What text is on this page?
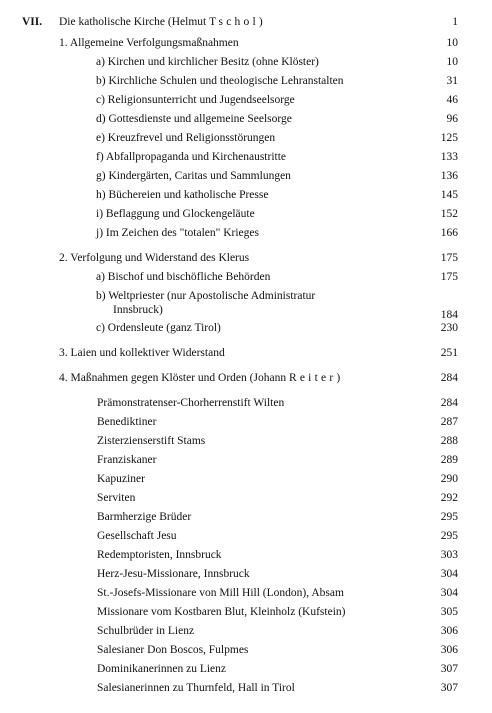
VII. Die katholische Kirche (Helmut Tschol)	1
1. Allgemeine Verfolgungsmaßnahmen	10
a) Kirchen und kirchlicher Besitz (ohne Klöster)	10
b) Kirchliche Schulen und theologische Lehranstalten	31
c) Religionsunterricht und Jugendseelsorge	46
d) Gottesdienste und allgemeine Seelsorge	96
e) Kreuzfrevel und Religionsstörungen	125
f) Abfallpropaganda und Kirchenaustritte	133
g) Kindergärten, Caritas und Sammlungen	136
h) Büchereien und katholische Presse	145
i) Beflaggung und Glockengeläute	152
j) Im Zeichen des "totalen" Krieges	166
2. Verfolgung und Widerstand des Klerus	175
a) Bischof und bischöfliche Behörden	175
b) Weltpriester (nur Apostolische Administratur
Innsbruck)	184
c) Ordensleute (ganz Tirol)	230
3. Laien und kollektiver Widerstand	251
4. Maßnahmen gegen Klöster und Orden (Johann Reiter)	284
Prämonstratenser-Chorherrenstift Wilten	284
Benediktiner	287
Zisterzienserstift Stams	288
Franziskaner	289
Kapuziner	290
Serviten	292
Barmherzige Brüder	295
Gesellschaft Jesu	295
Redemptoristen, Innsbruck	303
Herz-Jesu-Missionare, Innsbruck	304
St.-Josefs-Missionare von Mill Hill (London), Absam	304
Missionare vom Kostbaren Blut, Kleinholz (Kufstein)	305
Schulbrüder in Lienz	306
Salesianer Don Boscos, Fulpmes	306
Dominikanerinnen zu Lienz	307
Salesianerinnen zu Thurnfeld, Hall in Tirol	307
